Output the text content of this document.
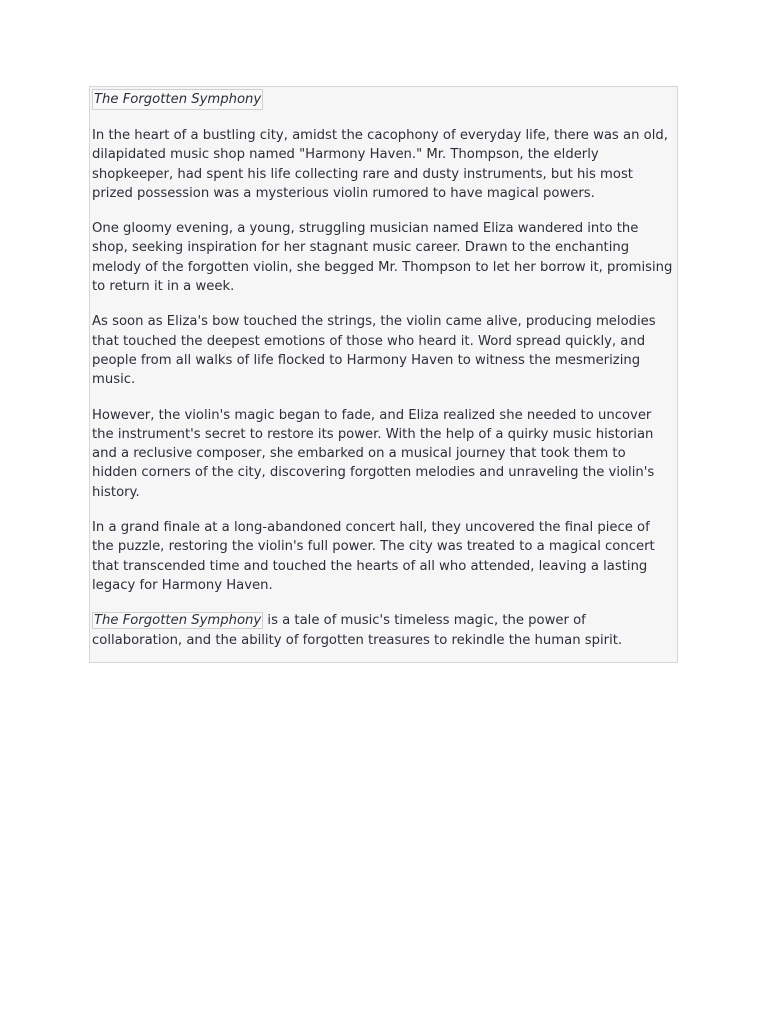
The Forgotten Symphony

In the heart of a bustling city, amidst the cacophony of everyday life, there was an old, dilapidated music shop named "Harmony Haven." Mr. Thompson, the elderly shopkeeper, had spent his life collecting rare and dusty instruments, but his most prized possession was a mysterious violin rumored to have magical powers.

One gloomy evening, a young, struggling musician named Eliza wandered into the shop, seeking inspiration for her stagnant music career. Drawn to the enchanting melody of the forgotten violin, she begged Mr. Thompson to let her borrow it, promising to return it in a week.

As soon as Eliza's bow touched the strings, the violin came alive, producing melodies that touched the deepest emotions of those who heard it. Word spread quickly, and people from all walks of life flocked to Harmony Haven to witness the mesmerizing music.

However, the violin's magic began to fade, and Eliza realized she needed to uncover the instrument's secret to restore its power. With the help of a quirky music historian and a reclusive composer, she embarked on a musical journey that took them to hidden corners of the city, discovering forgotten melodies and unraveling the violin's history.

In a grand finale at a long-abandoned concert hall, they uncovered the final piece of the puzzle, restoring the violin's full power. The city was treated to a magical concert that transcended time and touched the hearts of all who attended, leaving a lasting legacy for Harmony Haven.

The Forgotten Symphony is a tale of music's timeless magic, the power of collaboration, and the ability of forgotten treasures to rekindle the human spirit.
